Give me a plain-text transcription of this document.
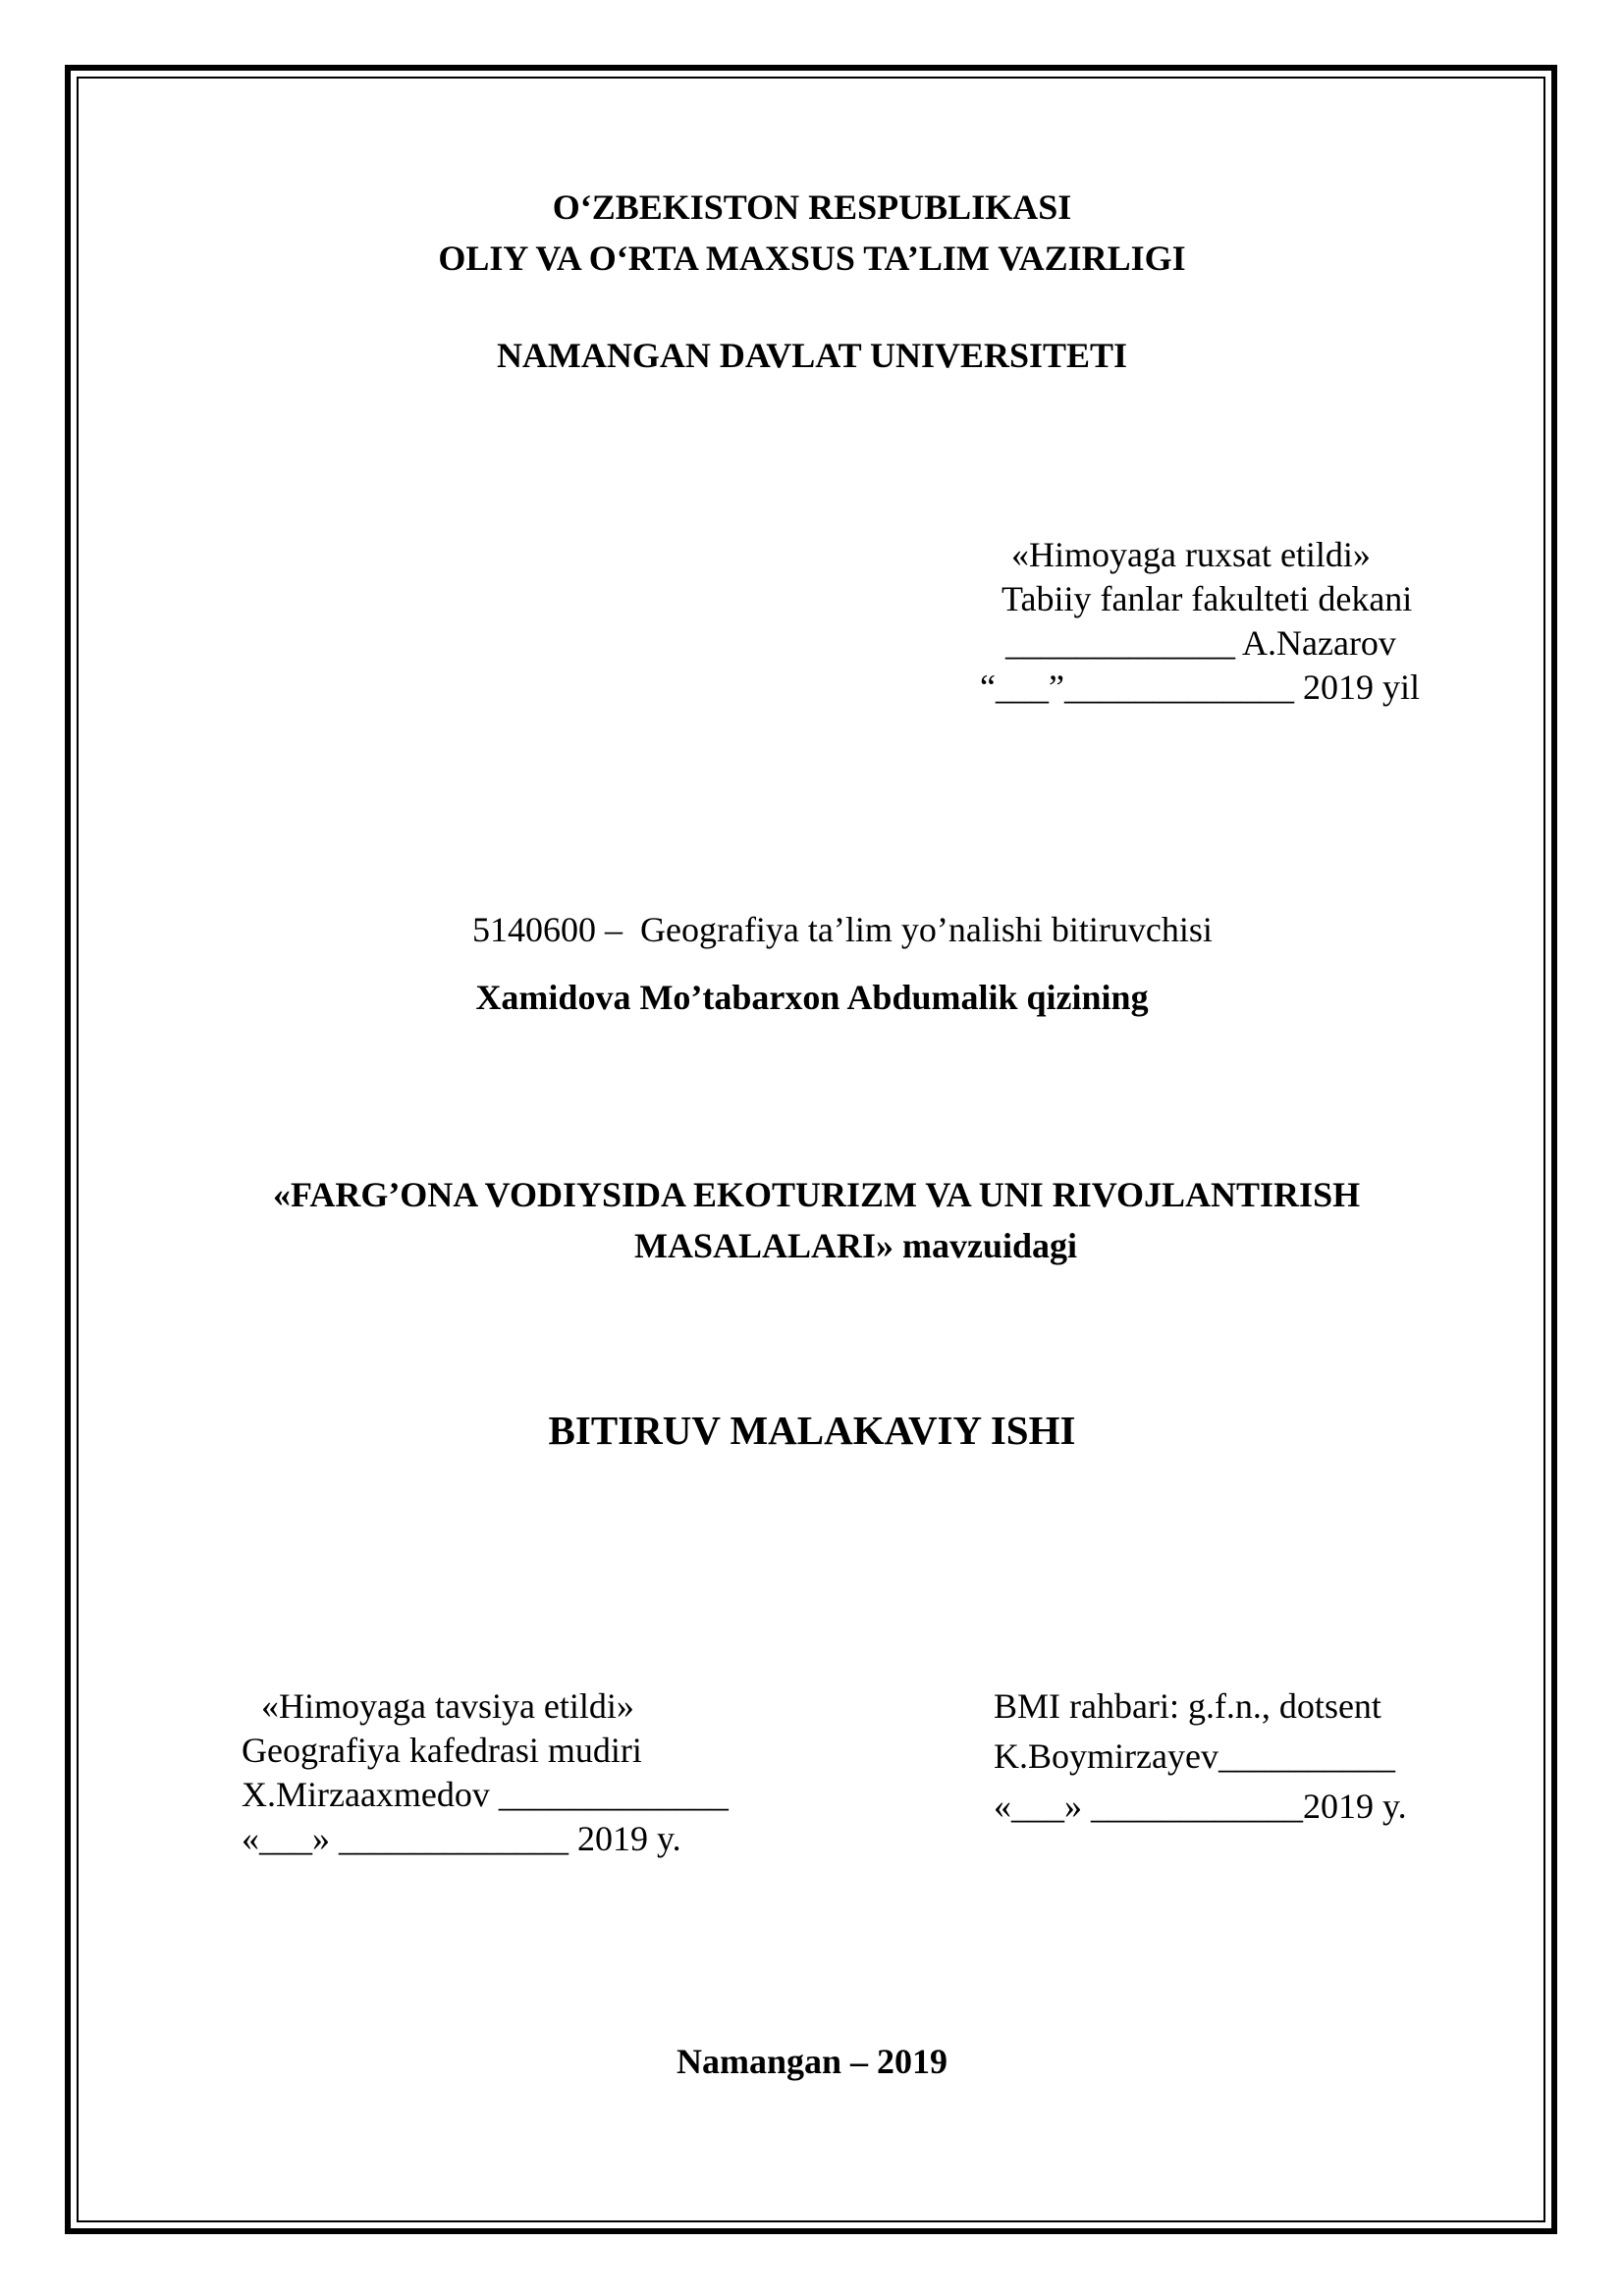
O‘ZBEKISTON RESPUBLIKASI
OLIY VA O‘RTA MAXSUS TA’LIM VAZIRLIGI
NAMANGAN DAVLAT UNIVERSITETI
«Himoyaga ruxsat etildi»
Tabiiy fanlar fakulteti dekani
_____________ A.Nazarov
“___”_____________ 2019 yil
5140600 –  Geografiya ta’lim yo’nalishi bitiruvchisi
Xamidova Mo’tabarxon Abdumalik qizining
«FARG’ONA VODIYSIDA EKOTURIZM VA UNI RIVOJLANTIRISH
MASALALARI» mavzuidagi
BITIRUV MALAKAVIY ISHI
«Himoyaga tavsiya etildi»
Geografiya kafedrasi mudiri
X.Mirzaaxmedov _____________
«___» _____________ 2019 y.
BMI rahbari: g.f.n., dotsent
K.Boymirzayev__________
«___» ____________2019 y.
Namangan – 2019
